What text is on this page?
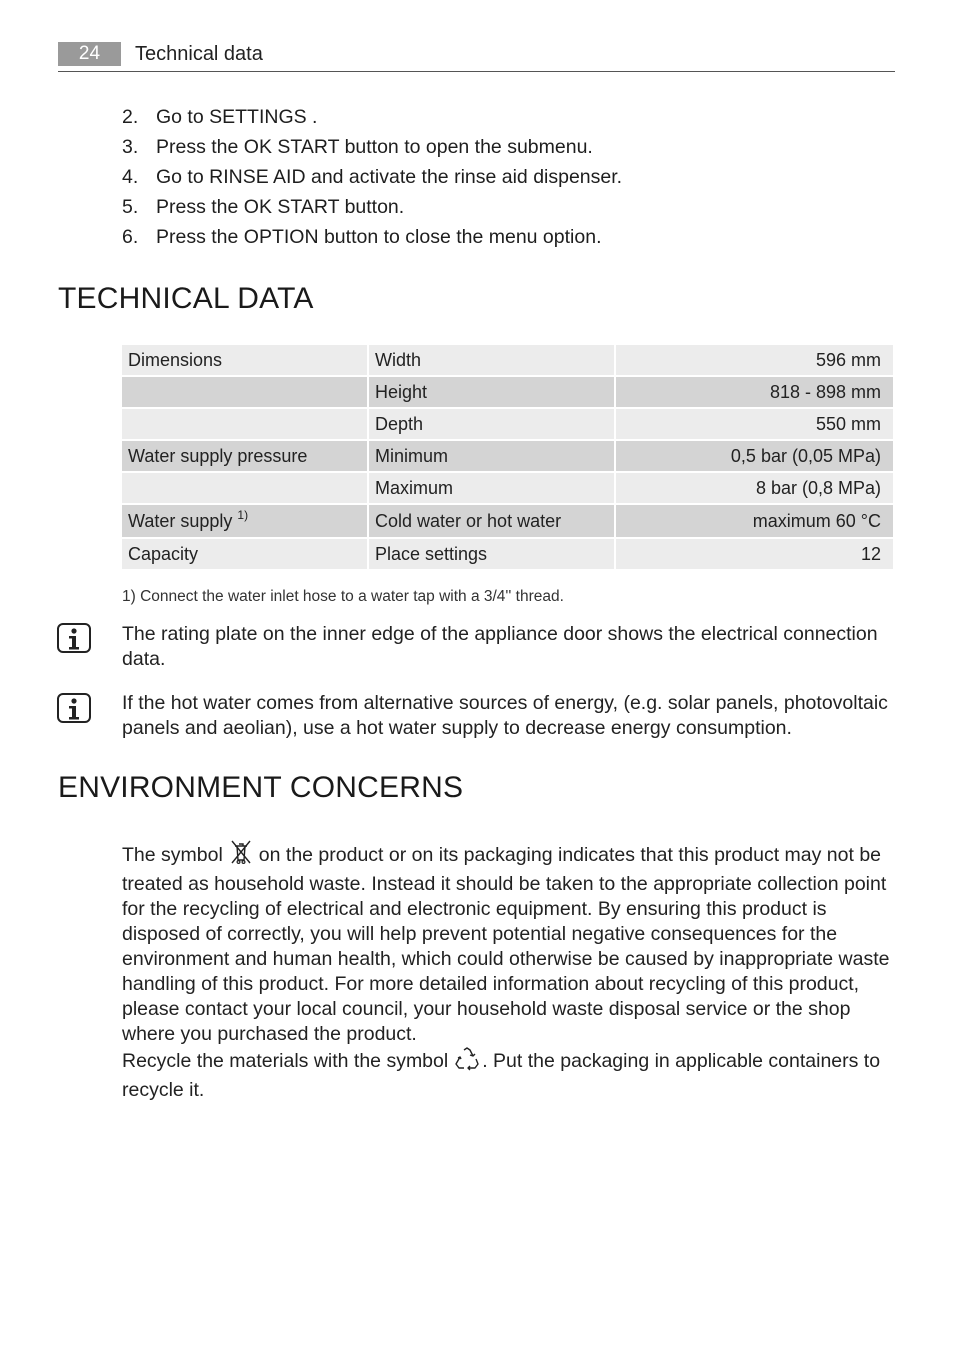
24	Technical data
2. Go to SETTINGS .
3. Press the OK START button to open the submenu.
4. Go to RINSE AID and activate the rinse aid dispenser.
5. Press the OK START button.
6. Press the OPTION button to close the menu option.
TECHNICAL DATA
Dimensions	Width	596 mm
	Height	818 - 898 mm
	Depth	550 mm
Water supply pressure	Minimum	0,5 bar (0,05 MPa)
	Maximum	8 bar (0,8 MPa)
Water supply $^{1)}$	Cold water or hot water	maximum 60 °C
Capacity	Place settings	12
1) Connect the water inlet hose to a water tap with a 3/4'' thread.
The rating plate on the inner edge of the appliance door shows the electrical connection data.
If the hot water comes from alternative sources of energy, (e.g. solar panels, photovoltaic panels and aeolian), use a hot water supply to decrease energy consumption.
ENVIRONMENT CONCERNS

The symbol on the product or on its packaging indicates that this product may not be treated as household waste. Instead it should be taken to the appropriate collection point for the recycling of electrical and electronic equipment. By ensuring this product is disposed of correctly, you will help prevent potential negative consequences for the environment and human health, which could otherwise be caused by inappropriate waste handling of this product. For more detailed information about recycling of this product, please contact your local council, your household waste disposal service or the shop where you purchased the product.

Recycle the materials with the symbol . Put the packaging in applicable containers to recycle it.
